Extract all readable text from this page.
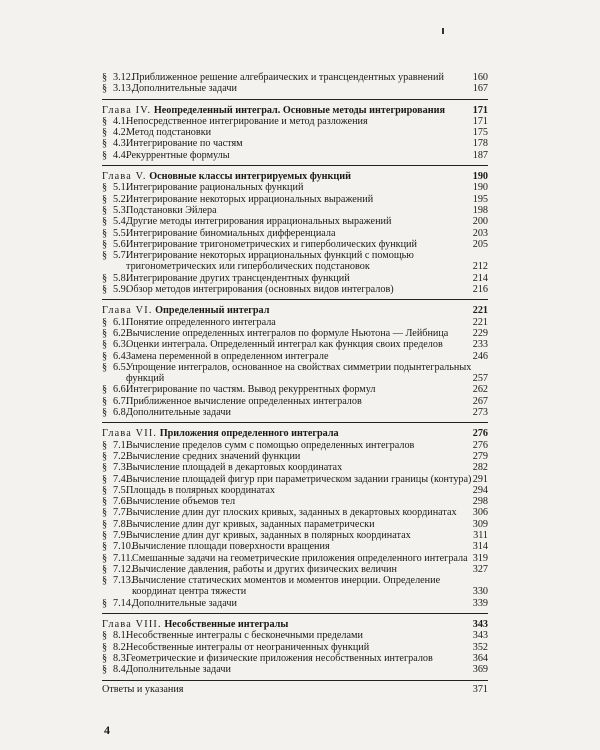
§ 3.12.
Приближенное решение алгебраических и трансцендентных уравнений	160
§ 3.13.
Дополнительные задачи	167
Глава IV. Неопределенный интеграл. Основные методы интегрирования	171
§ 4.1.
Непосредственное интегрирование и метод разложения	171
§ 4.2.
Метод подстановки	175
§ 4.3.
Интегрирование по частям	178
§ 4.4.
Рекуррентные формулы	187
Глава V. Основные классы интегрируемых функций	190
§ 5.1.
Интегрирование рациональных функций	190
§ 5.2.
Интегрирование некоторых иррациональных выражений	195
§ 5.3.
Подстановки Эйлера	198
§ 5.4.
Другие методы интегрирования иррациональных выражений	200
§ 5.5.
Интегрирование биномиальных дифференциала	203
§ 5.6.
Интегрирование тригонометрических и гиперболических функций	205
§ 5.7.
Интегрирование некоторых иррациональных функций с помощью тригонометрических или гиперболических подстановок	212
§ 5.8.
Интегрирование других трансцендентных функций	214
§ 5.9.
Обзор методов интегрирования (основных видов интегралов)	216
Глава VI. Определенный интеграл	221
§ 6.1.
Понятие определенного интеграла	221
§ 6.2.
Вычисление определенных интегралов по формуле Ньютона — Лейбница	229
§ 6.3.
Оценки интеграла. Определенный интеграл как функция своих пределов	233
§ 6.4.
Замена переменной в определенном интеграле	246
§ 6.5.
Упрощение интегралов, основанное на свойствах симметрии подынтегральных функций	257
§ 6.6.
Интегрирование по частям. Вывод рекуррентных формул	262
§ 6.7.
Приближенное вычисление определенных интегралов	267
§ 6.8.
Дополнительные задачи	273
Глава VII. Приложения определенного интеграла	276
§ 7.1.
Вычисление пределов сумм с помощью определенных интегралов	276
§ 7.2.
Вычисление средних значений функции	279
§ 7.3.
Вычисление площадей в декартовых координатах	282
§ 7.4.
Вычисление площадей фигур при параметрическом задании границы (контура) 291
§ 7.5.
Площадь в полярных координатах	294
§ 7.6.
Вычисление объемов тел	298
§ 7.7.
Вычисление длин дуг плоских кривых, заданных в декартовых координатах	306
§ 7.8.
Вычисление длин дуг кривых, заданных параметрически	309
§ 7.9.
Вычисление длин дуг кривых, заданных в полярных координатах	311
§ 7.10.
Вычисление площади поверхности вращения	314
§ 7.11. Смешанные задачи на геометрические приложения определенного интеграла 319
§ 7.12.
Вычисление давления, работы и других физических величин	327
§ 7.13.
Вычисление статических моментов и моментов инерции. Определение координат центра тяжести	330
§ 7.14.
Дополнительные задачи	339
Глава VIII. Несобственные интегралы	343
§ 8.1.
Несобственные интегралы с бесконечными пределами	343
§ 8.2.
Несобственные интегралы от неограниченных функций	352
§ 8.3.
Геометрические и физические приложения несобственных интегралов	364
§ 8.4.
Дополнительные задачи	369
Ответы и указания	371
4
